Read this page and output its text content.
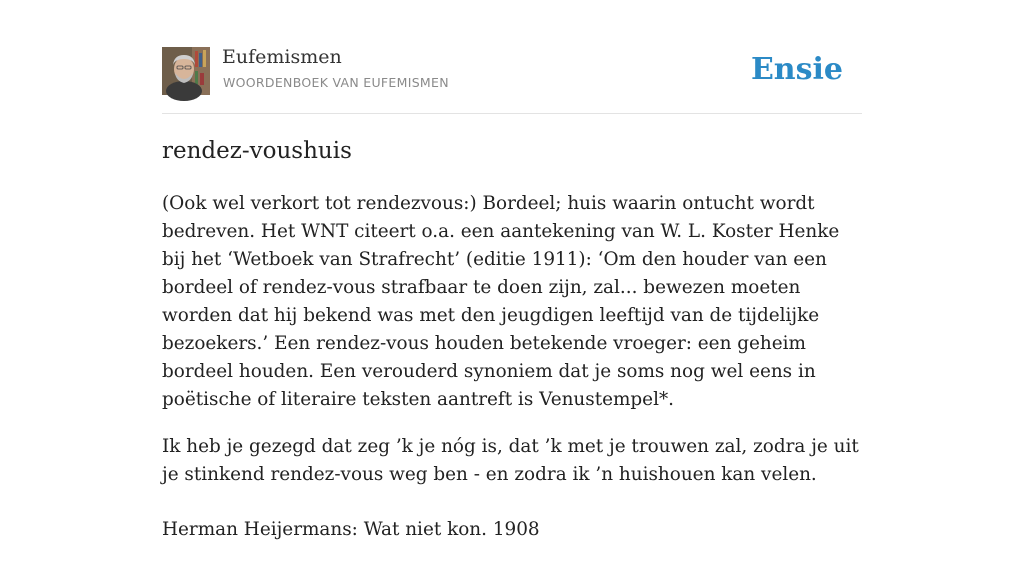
Eufemismen
WOORDENBOEK VAN EUFEMISMEN	Ensie
rendez-voushuis

(Ook wel verkort tot rendezvous:) Bordeel; huis waarin ontucht wordt bedreven. Het WNT citeert o.a. een aantekening van W. L. Koster Henke bij het ‘Wetboek van Strafrecht’ (editie 1911): ‘Om den houder van een bordeel of rendez-vous strafbaar te doen zijn, zal... bewezen moeten worden dat hij bekend was met den jeugdigen leeftijd van de tijdelijke bezoekers.’ Een rendez-vous houden betekende vroeger: een geheim bordeel houden. Een verouderd synoniem dat je soms nog wel eens in poëtische of literaire teksten aantreft is Venustempel*.

Ik heb je gezegd dat zeg ’k je nóg is, dat ’k met je trouwen zal, zodra je uit je stinkend rendez-vous weg ben - en zodra ik ’n huishouen kan velen.

Herman Heijermans: Wat niet kon. 1908
